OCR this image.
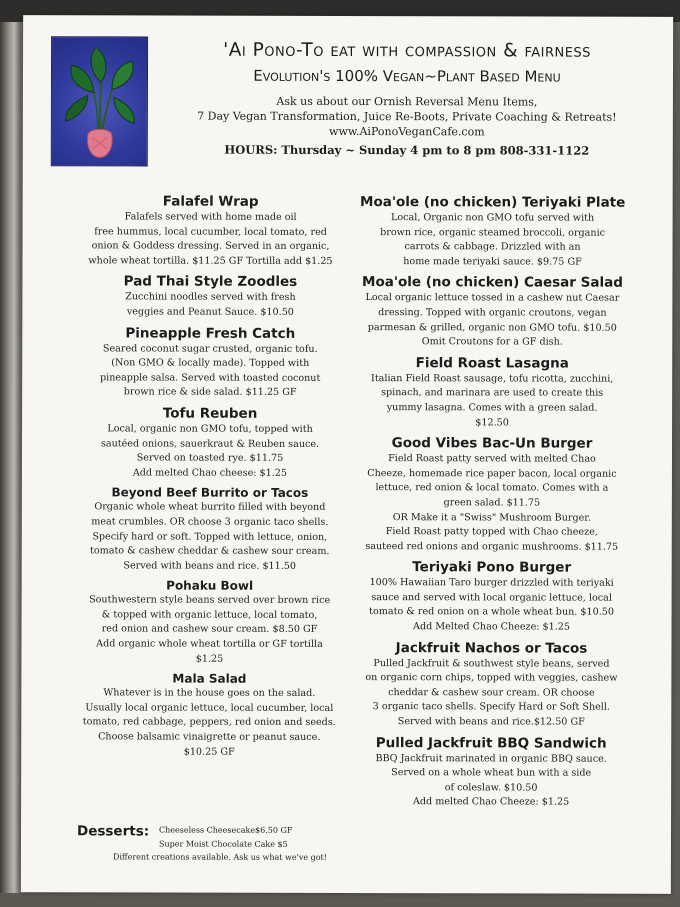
'Ai Pono-To eat with compassion & fairness
Evolution's 100% Vegan~Plant Based Menu
Ask us about our Ornish Reversal Menu Items,
7 Day Vegan Transformation, Juice Re-Boots, Private Coaching & Retreats!
www.AiPonoVeganCafe.com
HOURS: Thursday ~ Sunday 4 pm to 8 pm 808-331-1122
Falafel Wrap

Falafels served with home made oil

free hummus, local cucumber, local tomato, red

onion & Goddess dressing. Served in an organic,

whole wheat tortilla. $11.25 GF Tortilla add $1.25

Pad Thai Style Zoodles

Zucchini noodles served with fresh

veggies and Peanut Sauce. $10.50

Pineapple Fresh Catch

Seared coconut sugar crusted, organic tofu.

(Non GMO & locally made). Topped with

pineapple salsa. Served with toasted coconut

brown rice & side salad. $11.25 GF

Tofu Reuben

Local, organic non GMO tofu, topped with

sautéed onions, sauerkraut & Reuben sauce.

Served on toasted rye. $11.75

Add melted Chao cheese: $1.25

Beyond Beef Burrito or Tacos

Organic whole wheat burrito filled with beyond

meat crumbles. OR choose 3 organic taco shells.

Specify hard or soft. Topped with lettuce, onion,

tomato & cashew cheddar & cashew sour cream.

Served with beans and rice. $11.50

Pohaku Bowl

Southwestern style beans served over brown rice

& topped with organic lettuce, local tomato,

red onion and cashew sour cream. $8.50 GF

Add organic whole wheat tortilla or GF tortilla

$1.25

Mala Salad

Whatever is in the house goes on the salad.

Usually local organic lettuce, local cucumber, local

tomato, red cabbage, peppers, red onion and seeds.

Choose balsamic vinaigrette or peanut sauce.

$10.25 GF

Moa'ole (no chicken) Teriyaki Plate

Local, Organic non GMO tofu served with

brown rice, organic steamed broccoli, organic

carrots & cabbage. Drizzled with an

home made teriyaki sauce. $9.75 GF

Moa'ole (no chicken) Caesar Salad

Local organic lettuce tossed in a cashew nut Caesar

dressing. Topped with organic croutons, vegan

parmesan & grilled, organic non GMO tofu. $10.50

Omit Croutons for a GF dish.

Field Roast Lasagna

Italian Field Roast sausage, tofu ricotta, zucchini,

spinach, and marinara are used to create this

yummy lasagna. Comes with a green salad.

$12.50

Good Vibes Bac-Un Burger

Field Roast patty served with melted Chao

Cheeze, homemade rice paper bacon, local organic

lettuce, red onion & local tomato. Comes with a

green salad. $11.75

OR Make it a "Swiss" Mushroom Burger.

Field Roast patty topped with Chao cheeze,

sauteed red onions and organic mushrooms. $11.75

Teriyaki Pono Burger

100% Hawaiian Taro burger drizzled with teriyaki

sauce and served with local organic lettuce, local

tomato & red onion on a whole wheat bun. $10.50

Add Melted Chao Cheeze: $1.25

Jackfruit Nachos or Tacos

Pulled Jackfruit & southwest style beans, served

on organic corn chips, topped with veggies, cashew

cheddar & cashew sour cream. OR choose

3 organic taco shells. Specify Hard or Soft Shell.

Served with beans and rice.$12.50 GF

Pulled Jackfruit BBQ Sandwich

BBQ Jackfruit marinated in organic BBQ sauce.

Served on a whole wheat bun with a side

of coleslaw. $10.50

Add melted Chao Cheeze: $1.25

Desserts: Cheeseless Cheesecake$6.50 GF
Super Moist Chocolate Cake $5
Different creations available. Ask us what we've got!
